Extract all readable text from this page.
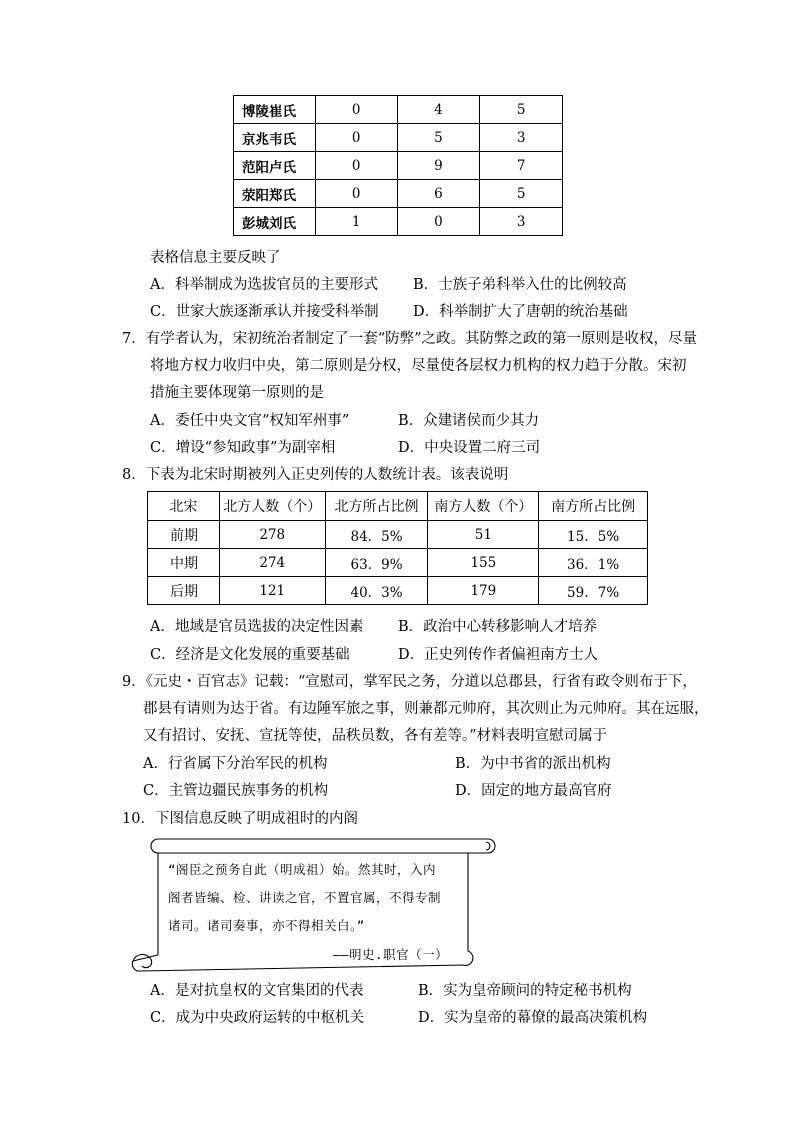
博陵崔氏	0	4	5
京兆韦氏	0	5	3
范阳卢氏	0	9	7
荥阳郑氏	0	6	5
彭城刘氏	1	0	3
表格信息主要反映了
A．科举制成为选拔官员的主要形式 B．士族子弟科举入仕的比例较高
C．世家大族逐渐承认并接受科举制 D．科举制扩大了唐朝的统治基础
7．有学者认为，宋初统治者制定了一套“防弊”之政。其防弊之政的第一原则是收权，尽量
将地方权力收归中央，第二原则是分权，尽量使各层权力机构的权力趋于分散。宋初
措施主要体现第一原则的是
A．委任中央文官“权知军州事”	B．众建诸侯而少其力
C．增设“参知政事”为副宰相	D．中央设置二府三司
8．下表为北宋时期被列入正史列传的人数统计表。该表说明
北宋	北方人数（个）	北方所占比例	南方人数（个）	南方所占比例
前期	278	84．5%	51	15．5%
中期	274	63．9%	155	36．1%
后期	121	40．3%	179	59．7%
A．地域是官员选拔的决定性因素 B．政治中心转移影响人才培养
C．经济是文化发展的重要基础	D．正史列传作者偏袒南方士人
9．《元史・百官志》记载：“宣慰司，掌军民之务，分道以总郡县，行省有政令则布于下，
郡县有请则为达于省。有边陲军旅之事，则兼都元帅府，其次则止为元帅府。其在远服，
又有招讨、安抚、宣抚等使，品秩员数，各有差等。”材料表明宣慰司属于
A．行省属下分治军民的机构	B．为中书省的派出机构
C．主管边疆民族事务的机构	D．固定的地方最高官府
10．下图信息反映了明成祖时的内阁
“阁臣之预务自此（明成祖）始。然其时，入内
阁者皆编、检、讲读之官，不置官属，不得专制
诸司。诸司奏事，亦不得相关白。”
——明史.职官（一）
A．是对抗皇权的文官集团的代表	B．实为皇帝顾问的特定秘书机构
C．成为中央政府运转的中枢机关	D．实为皇帝的幕僚的最高决策机构
